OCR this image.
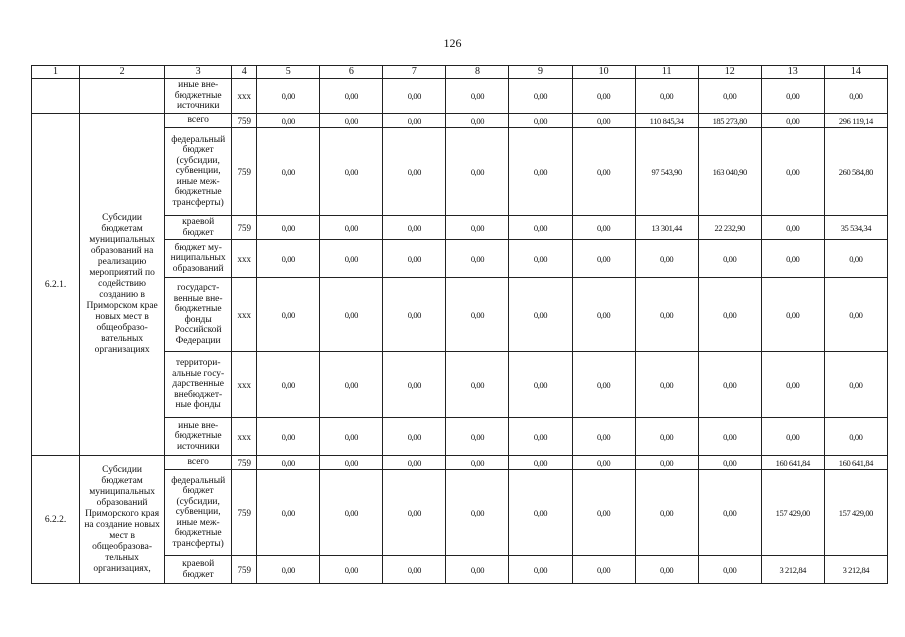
126
1	2	3	4	5	6	7	8	9	10	11	12	13	14
		иные вне-бюджетные источники	ххх	0,00	0,00	0,00	0,00	0,00	0,00	0,00	0,00	0,00	0,00
6.2.1.	Субсидии бюджетам муниципальных образований на реализацию мероприятий по содействию созданию в Приморском крае новых мест в общеобразо-вательных организациях	всего	759	0,00	0,00	0,00	0,00	0,00	0,00	110 845,34	185 273,80	0,00	296 119,14
		федеральный бюджет (субсидии, субвенции, иные меж-бюджетные трансферты)	759	0,00	0,00	0,00	0,00	0,00	0,00	97 543,90	163 040,90	0,00	260 584,80
		краевой бюджет	759	0,00	0,00	0,00	0,00	0,00	0,00	13 301,44	22 232,90	0,00	35 534,34
		бюджет му-ниципальных образований	ххх	0,00	0,00	0,00	0,00	0,00	0,00	0,00	0,00	0,00	0,00
		государст-венные вне-бюджетные фонды Российской Федерации	ххх	0,00	0,00	0,00	0,00	0,00	0,00	0,00	0,00	0,00	0,00
		территори-альные госу-дарственные внебюджет-ные фонды	ххх	0,00	0,00	0,00	0,00	0,00	0,00	0,00	0,00	0,00	0,00
		иные вне-бюджетные источники	ххх	0,00	0,00	0,00	0,00	0,00	0,00	0,00	0,00	0,00	0,00
6.2.2.	Субсидии бюджетам муниципальных образований Приморского края на создание новых мест в общеобразова-тельных организациях,	всего	759	0,00	0,00	0,00	0,00	0,00	0,00	0,00	0,00	160 641,84	160 641,84
		федеральный бюджет (субсидии, субвенции, иные меж-бюджетные трансферты)	759	0,00	0,00	0,00	0,00	0,00	0,00	0,00	0,00	157 429,00	157 429,00
		краевой бюджет	759	0,00	0,00	0,00	0,00	0,00	0,00	0,00	0,00	3 212,84	3 212,84
